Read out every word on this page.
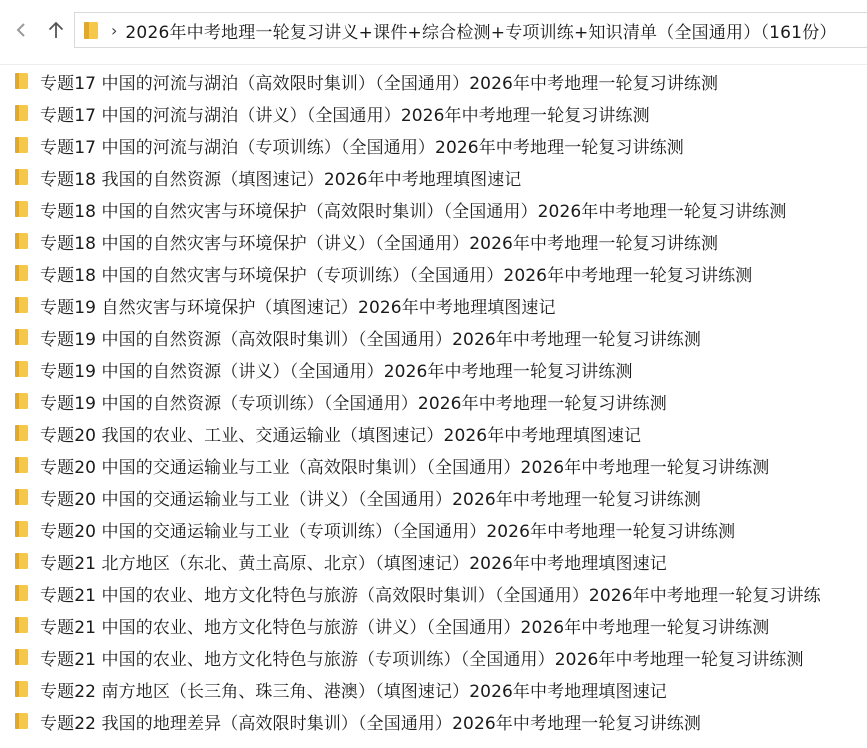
› 2026年中考地理一轮复习讲义+课件+综合检测+专项训练+知识清单（全国通用）（161份）
专题17 中国的河流与湖泊（高效限时集训）（全国通用）2026年中考地理一轮复习讲练测
专题17 中国的河流与湖泊（讲义）（全国通用）2026年中考地理一轮复习讲练测
专题17 中国的河流与湖泊（专项训练）（全国通用）2026年中考地理一轮复习讲练测
专题18 我国的自然资源（填图速记）2026年中考地理填图速记
专题18 中国的自然灾害与环境保护（高效限时集训）（全国通用）2026年中考地理一轮复习讲练测
专题18 中国的自然灾害与环境保护（讲义）（全国通用）2026年中考地理一轮复习讲练测
专题18 中国的自然灾害与环境保护（专项训练）（全国通用）2026年中考地理一轮复习讲练测
专题19 自然灾害与环境保护（填图速记）2026年中考地理填图速记
专题19 中国的自然资源（高效限时集训）（全国通用）2026年中考地理一轮复习讲练测
专题19 中国的自然资源（讲义）（全国通用）2026年中考地理一轮复习讲练测
专题19 中国的自然资源（专项训练）（全国通用）2026年中考地理一轮复习讲练测
专题20 我国的农业、工业、交通运输业（填图速记）2026年中考地理填图速记
专题20 中国的交通运输业与工业（高效限时集训）（全国通用）2026年中考地理一轮复习讲练测
专题20 中国的交通运输业与工业（讲义）（全国通用）2026年中考地理一轮复习讲练测
专题20 中国的交通运输业与工业（专项训练）（全国通用）2026年中考地理一轮复习讲练测
专题21 北方地区（东北、黄土高原、北京）（填图速记）2026年中考地理填图速记
专题21 中国的农业、地方文化特色与旅游（高效限时集训）（全国通用）2026年中考地理一轮复习讲练
专题21 中国的农业、地方文化特色与旅游（讲义）（全国通用）2026年中考地理一轮复习讲练测
专题21 中国的农业、地方文化特色与旅游（专项训练）（全国通用）2026年中考地理一轮复习讲练测
专题22 南方地区（长三角、珠三角、港澳）（填图速记）2026年中考地理填图速记
专题22 我国的地理差异（高效限时集训）（全国通用）2026年中考地理一轮复习讲练测
